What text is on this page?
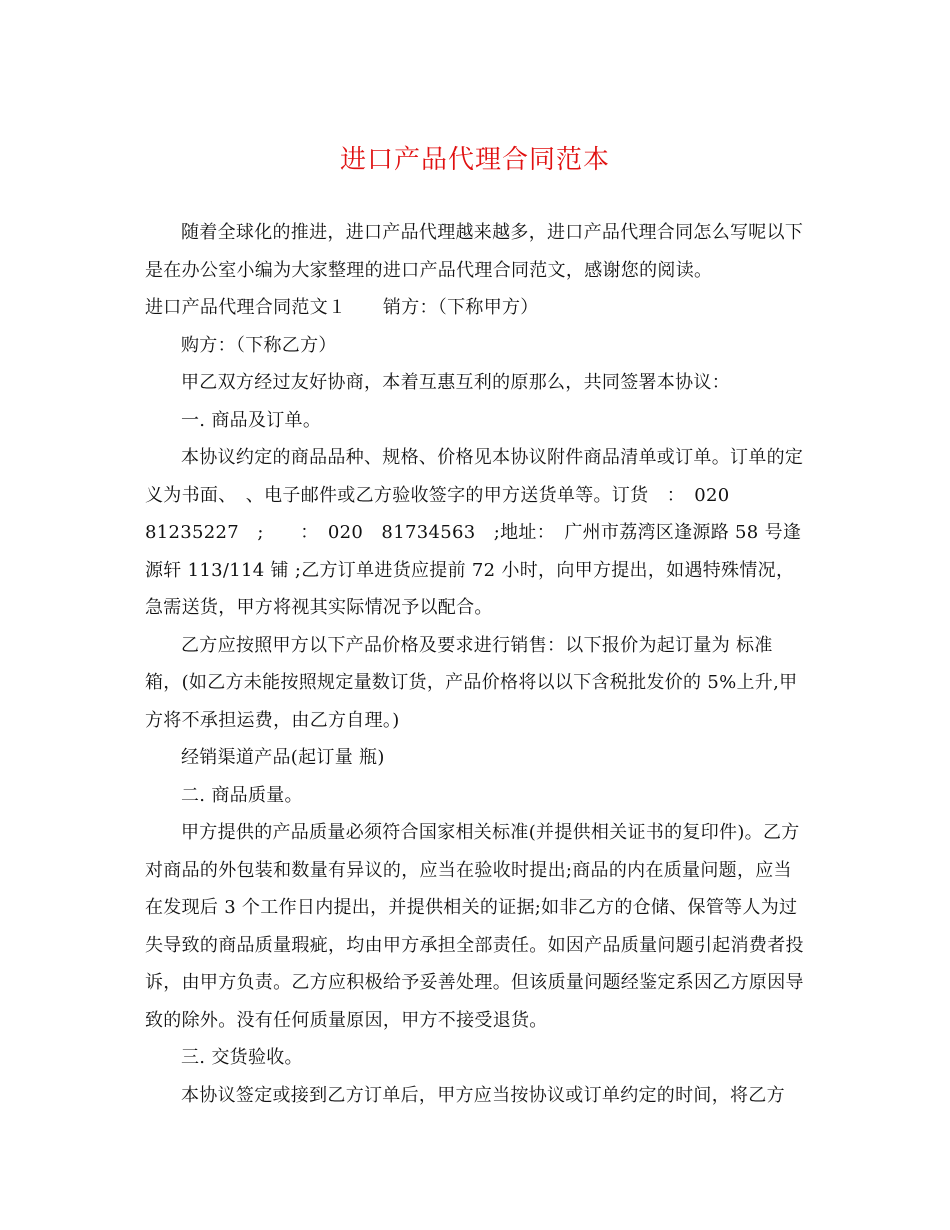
进口产品代理合同范本

随着全球化的推进，进口产品代理越来越多，进口产品代理合同怎么写呢以下是在办公室小编为大家整理的进口产品代理合同范文，感谢您的阅读。

进口产品代理合同范文１　　销方：（下称甲方）

购方：（下称乙方）

甲乙双方经过友好协商，本着互惠互利的原那么，共同签署本协议：

一. 商品及订单。

本协议约定的商品品种、规格、价格见本协议附件商品清单或订单。订单的定义为书面、　、电子邮件或乙方验收签字的甲方送货单等。订货　：　020 81235227　;　　：　020　81734563　;地址：　广州市荔湾区逢源路 58 号逢源轩 113/114 铺 ;乙方订单进货应提前 72 小时，向甲方提出，如遇特殊情况，急需送货，甲方将视其实际情况予以配合。

乙方应按照甲方以下产品价格及要求进行销售：以下报价为起订量为 标准箱，(如乙方未能按照规定量数订货，产品价格将以以下含税批发价的 5%上升,甲方将不承担运费，由乙方自理。)

经销渠道产品(起订量 瓶)

二. 商品质量。

甲方提供的产品质量必须符合国家相关标准(并提供相关证书的复印件)。乙方对商品的外包装和数量有异议的，应当在验收时提出;商品的内在质量问题，应当在发现后 3 个工作日内提出，并提供相关的证据;如非乙方的仓储、保管等人为过失导致的商品质量瑕疵，均由甲方承担全部责任。如因产品质量问题引起消费者投诉，由甲方负责。乙方应积极给予妥善处理。但该质量问题经鉴定系因乙方原因导致的除外。没有任何质量原因，甲方不接受退货。

三. 交货验收。

本协议签定或接到乙方订单后，甲方应当按协议或订单约定的时间，将乙方
